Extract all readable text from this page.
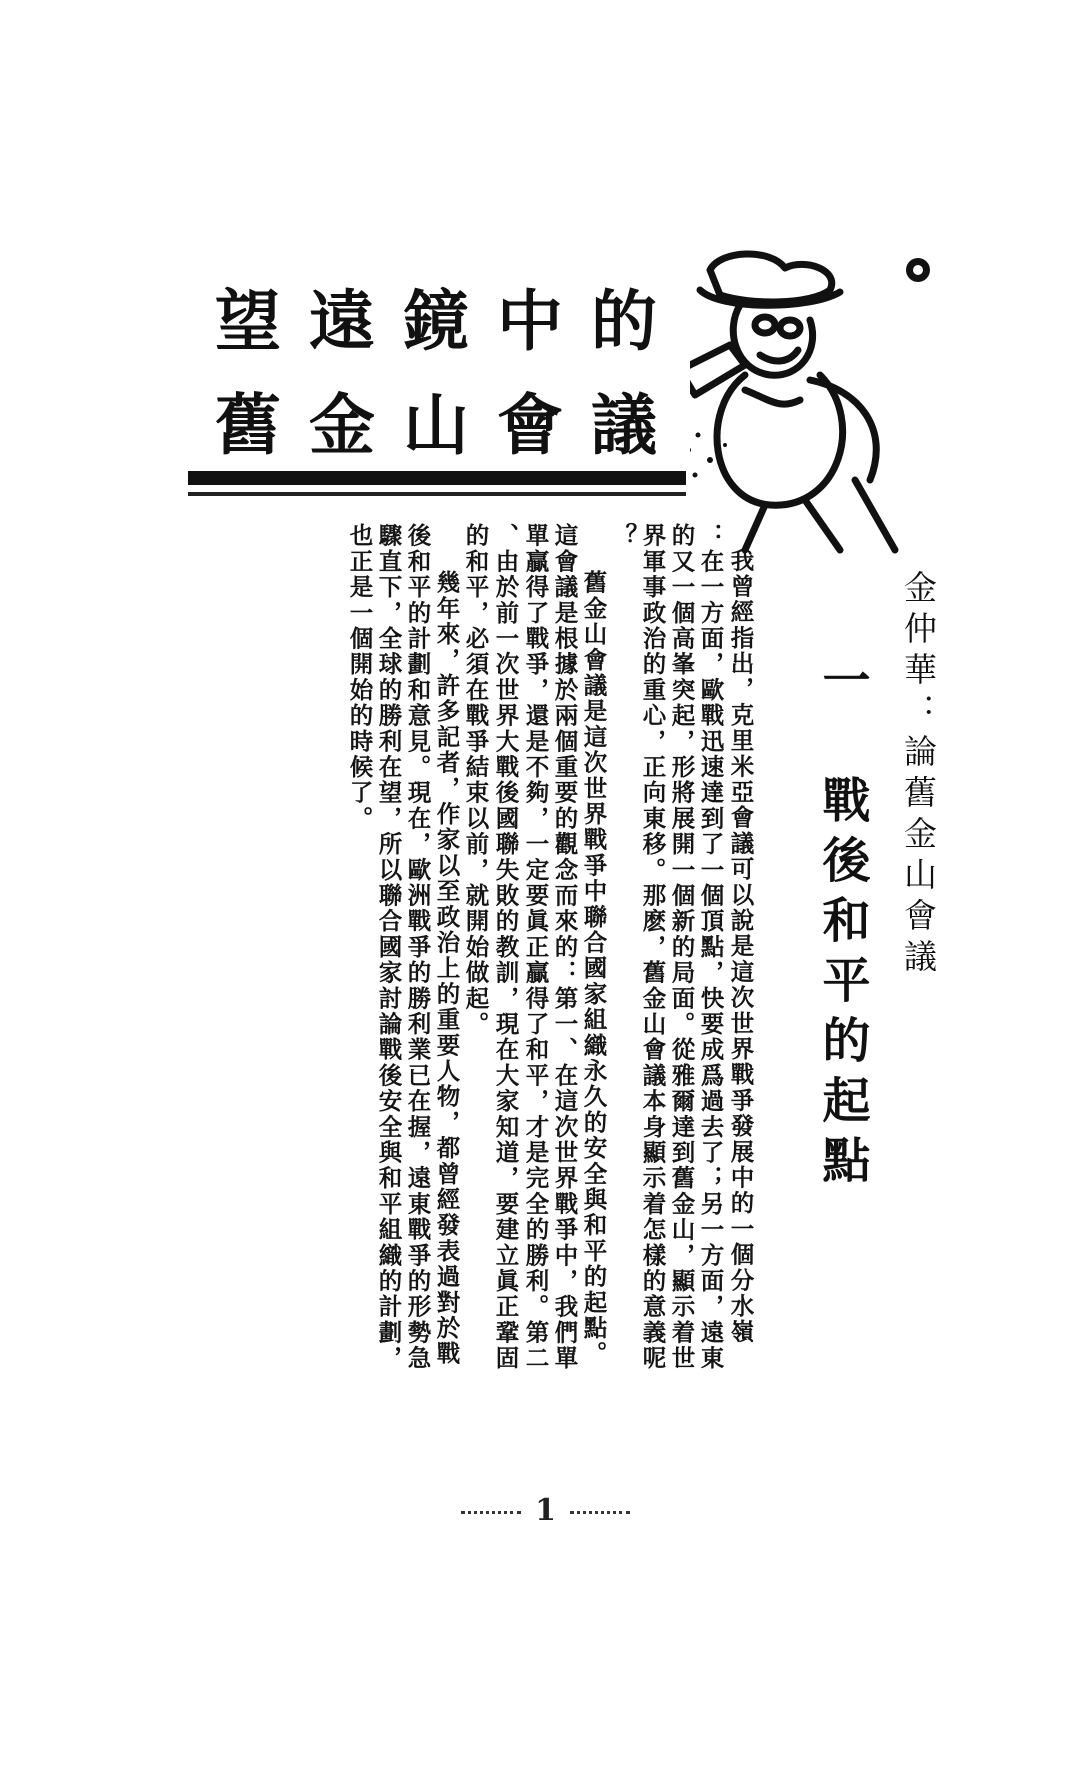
望遠鏡中的
舊金山會議
金仲華：論舊金山會議
一　戰後和平的起點
我曾經指出，克里米亞會議可以說是這次世界戰爭發展中的一個分水嶺
：在一方面，歐戰迅速達到了一個頂點，快要成爲過去了；另一方面，遠東
的又一個高峯突起，形將展開一個新的局面。從雅爾達到舊金山，顯示着世
界軍事政治的重心，正向東移。那麽，舊金山會議本身顯示着怎樣的意義呢
？
舊金山會議是這次世界戰爭中聯合國家組織永久的安全與和平的起點。
這會議是根據於兩個重要的觀念而來的：第一、在這次世界戰爭中，我們單
單贏得了戰爭，還是不夠，一定要眞正贏得了和平，才是完全的勝利。第二
、由於前一次世界大戰後國聯失敗的教訓，現在大家知道，要建立眞正鞏固
的和平，必須在戰爭結束以前，就開始做起。
幾年來，許多記者，作家以至政治上的重要人物，都曾經發表過對於戰
後和平的計劃和意見。現在，歐洲戰爭的勝利業已在握，遠東戰爭的形勢急
驟直下，全球的勝利在望，所以聯合國家討論戰後安全與和平組織的計劃，
也正是一個開始的時候了。
1
